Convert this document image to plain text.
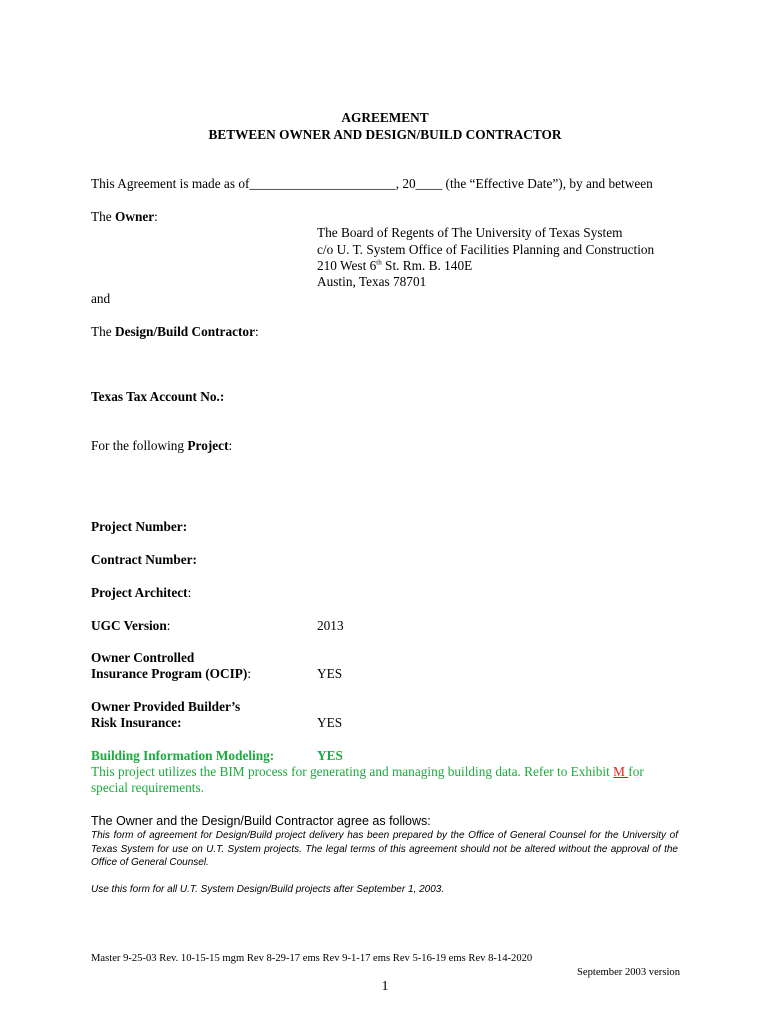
AGREEMENT
BETWEEN OWNER AND DESIGN/BUILD CONTRACTOR
This Agreement is made as of______________________, 20____ (the “Effective Date”), by and between
The Owner:
The Board of Regents of The University of Texas System
c/o U. T. System Office of Facilities Planning and Construction
210 West 6th St. Rm. B. 140E
Austin, Texas 78701
and
The Design/Build Contractor:
Texas Tax Account No.:
For the following Project:
Project Number:
Contract Number:
Project Architect:
UGC Version:	2013
Owner Controlled
Insurance Program (OCIP):	YES
Owner Provided Builder’s
Risk Insurance:	YES
Building Information Modeling:	YES
This project utilizes the BIM process for generating and managing building data. Refer to Exhibit M for
special requirements.
The Owner and the Design/Build Contractor agree as follows:
This form of agreement for Design/Build project delivery has been prepared by the Office of General Counsel for the University of Texas System for use on U.T. System projects. The legal terms of this agreement should not be altered without the approval of the Office of General Counsel.
Use this form for all U.T. System Design/Build projects after September 1, 2003.
Master 9-25-03 Rev. 10-15-15 mgm Rev 8-29-17 ems Rev 9-1-17 ems Rev 5-16-19 ems Rev 8-14-2020
September 2003 version
1
